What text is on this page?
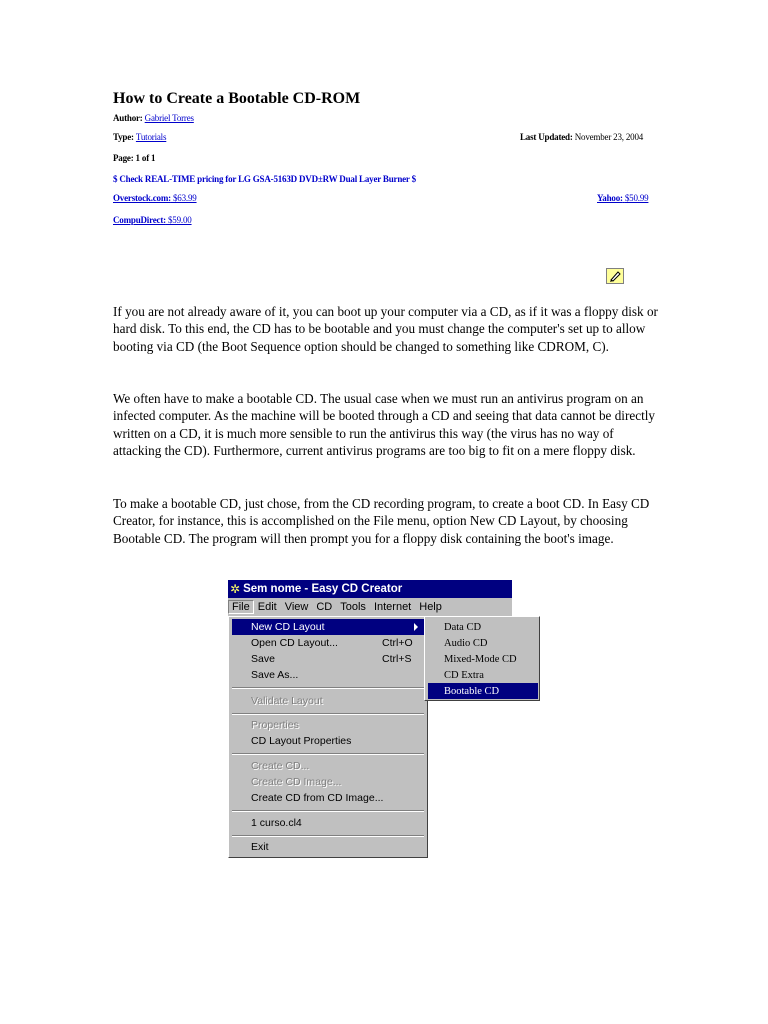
How to Create a Bootable CD-ROM
Author: Gabriel Torres
Type: Tutorials	Last Updated: November 23, 2004
Page: 1 of 1
$ Check REAL-TIME pricing for LG GSA-5163D DVD±RW Dual Layer Burner $
Overstock.com: $63.99	Yahoo: $50.99
CompuDirect: $59.00

If you are not already aware of it, you can boot up your computer via a CD, as if it was a floppy disk or hard disk. To this end, the CD has to be bootable and you must change the computer's set up to allow booting via CD (the Boot Sequence option should be changed to something like CDROM, C).

We often have to make a bootable CD. The usual case when we must run an antivirus program on an infected computer. As the machine will be booted through a CD and seeing that data cannot be directly written on a CD, it is much more sensible to run the antivirus this way (the virus has no way of attacking the CD). Furthermore, current antivirus programs are too big to fit on a mere floppy disk.

To make a bootable CD, just chose, from the CD recording program, to create a boot CD. In Easy CD Creator, for instance, this is accomplished on the File menu, option New CD Layout, by choosing Bootable CD. The program will then prompt you for a floppy disk containing the boot's image.

✲ Sem nome - Easy CD Creator
File Edit View CD Tools Internet Help
New CD Layout
Open CD Layout...	Ctrl+O
Save	Ctrl+S
Save As...
Validate Layout
Properties
CD Layout Properties
Create CD...
Create CD Image...
Create CD from CD Image...
1 curso.cl4
Exit
Data CD
Audio CD
Mixed-Mode CD
CD Extra
Bootable CD
